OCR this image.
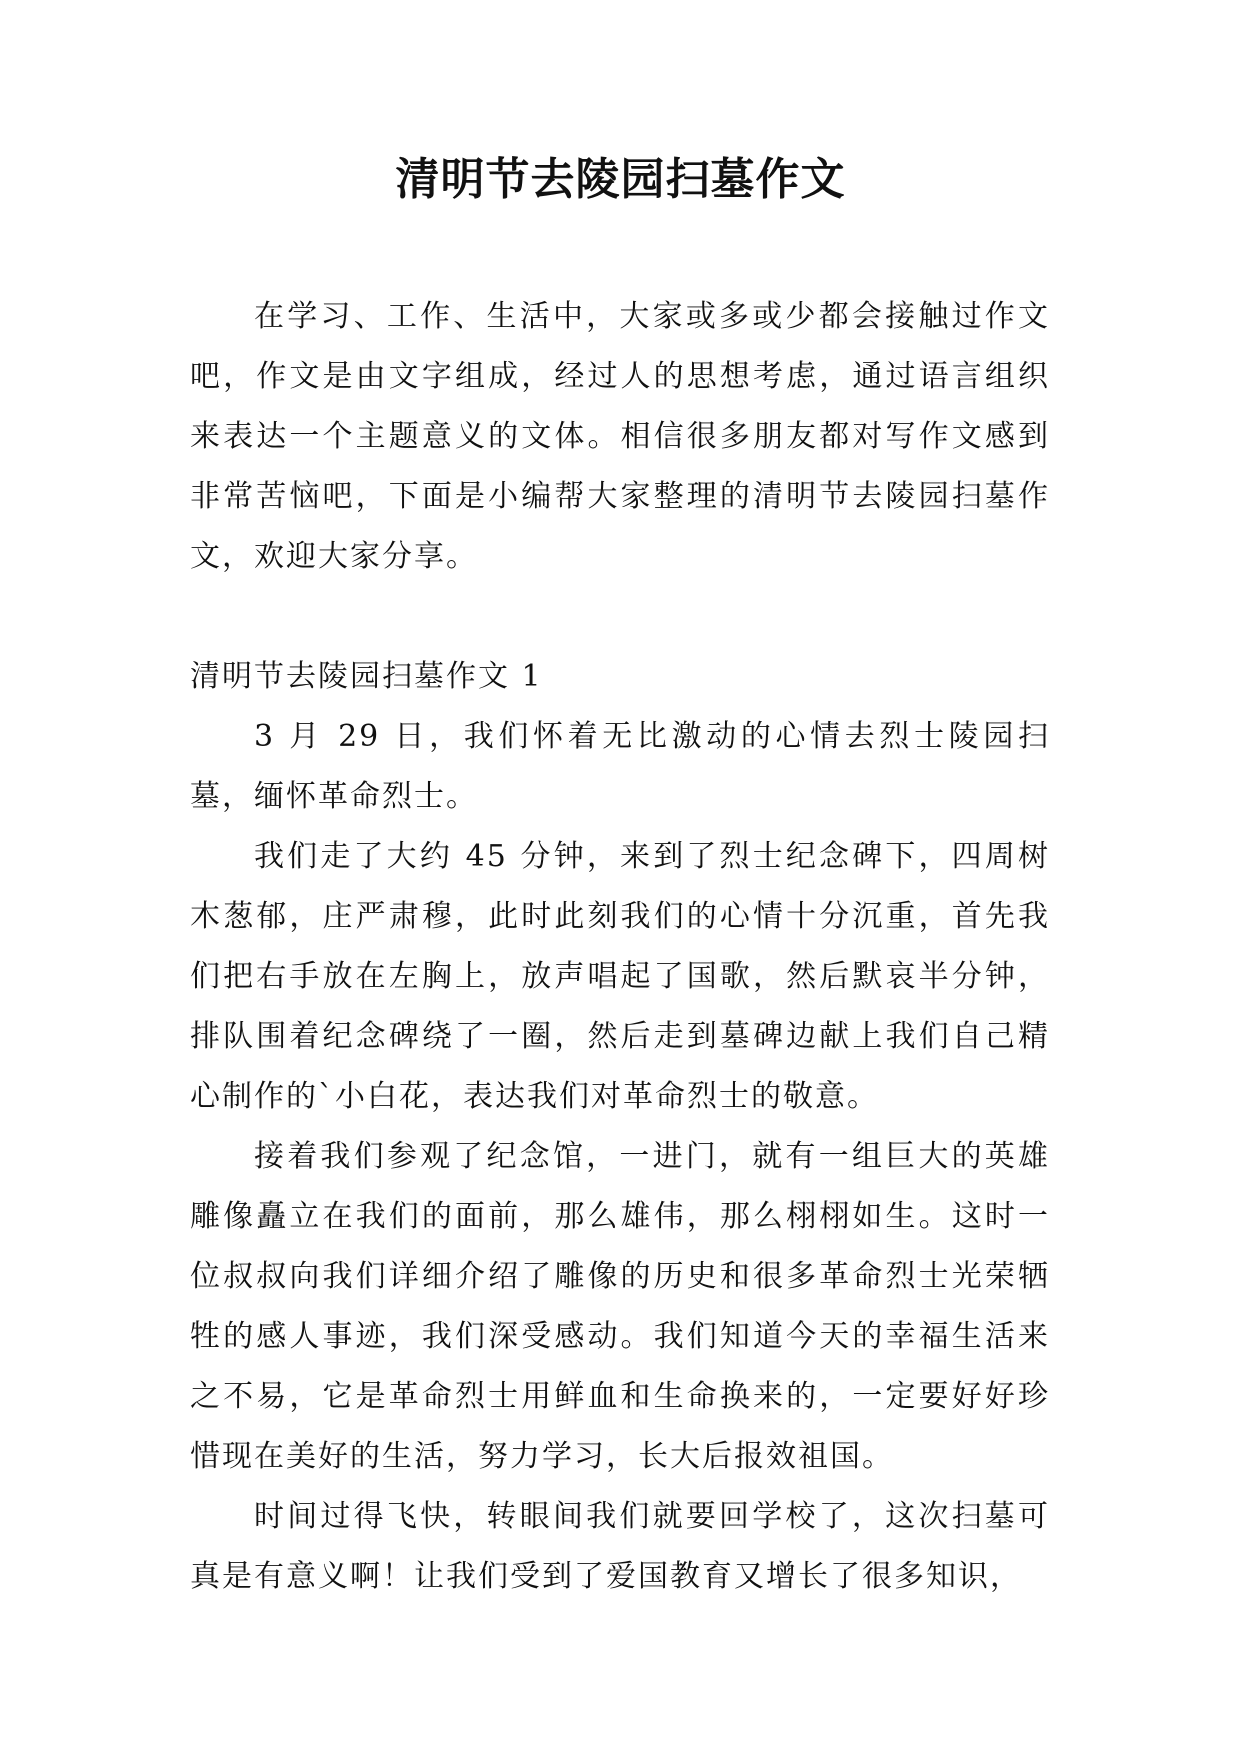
清明节去陵园扫墓作文

在学习、工作、生活中，大家或多或少都会接触过作文吧，作文是由文字组成，经过人的思想考虑，通过语言组织来表达一个主题意义的文体。相信很多朋友都对写作文感到非常苦恼吧，下面是小编帮大家整理的清明节去陵园扫墓作文，欢迎大家分享。

清明节去陵园扫墓作文 1

3 月 29 日，我们怀着无比激动的心情去烈士陵园扫墓，缅怀革命烈士。

我们走了大约 45 分钟，来到了烈士纪念碑下，四周树木葱郁，庄严肃穆，此时此刻我们的心情十分沉重，首先我们把右手放在左胸上，放声唱起了国歌，然后默哀半分钟，排队围着纪念碑绕了一圈，然后走到墓碑边献上我们自己精心制作的`小白花，表达我们对革命烈士的敬意。

接着我们参观了纪念馆，一进门，就有一组巨大的英雄雕像矗立在我们的面前，那么雄伟，那么栩栩如生。这时一位叔叔向我们详细介绍了雕像的历史和很多革命烈士光荣牺牲的感人事迹，我们深受感动。我们知道今天的幸福生活来之不易，它是革命烈士用鲜血和生命换来的，一定要好好珍惜现在美好的生活，努力学习，长大后报效祖国。

时间过得飞快，转眼间我们就要回学校了，这次扫墓可真是有意义啊！让我们受到了爱国教育又增长了很多知识，
